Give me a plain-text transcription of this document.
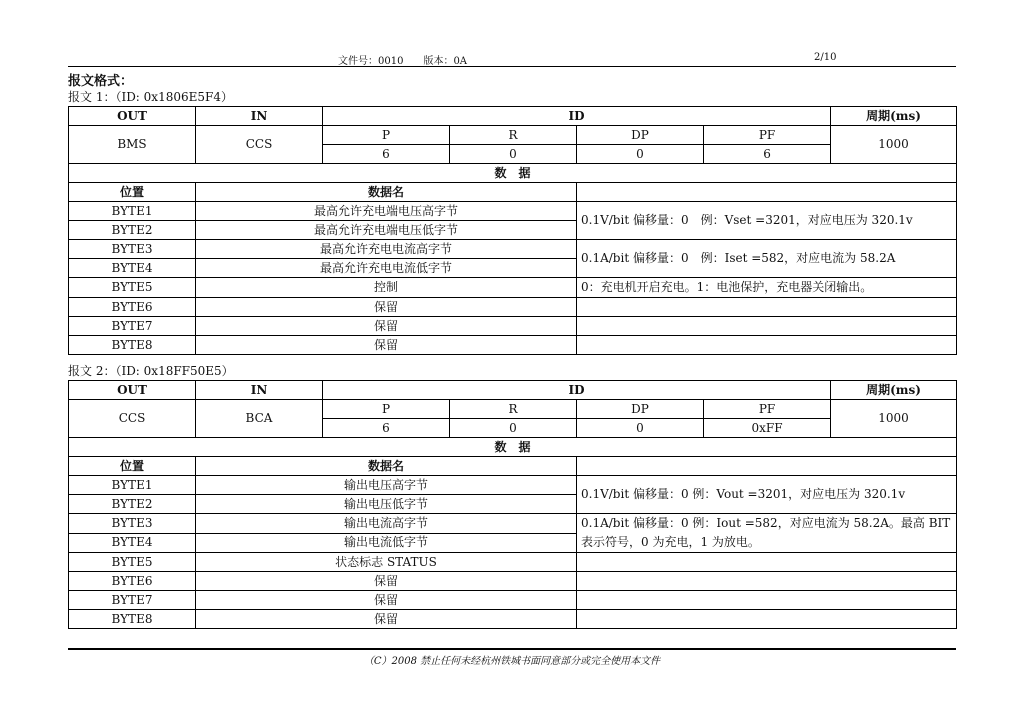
文件号：0010　　版本：0A	2/10
报文格式：
报文 1：（ID: 0x1806E5F4）
OUT	IN	ID				周期(ms)
BMS	CCS	P	R	DP	PF	1000
		6	0	0	6	
数　据						
位置	数据名					
BYTE1	最高允许充电端电压高字节			0.1V/bit 偏移量：0　例：Vset =3201，对应电压为 320.1v		
BYTE2	最高允许充电端电压低字节					
BYTE3	最高允许充电电流高字节			0.1A/bit 偏移量：0　例：Iset =582，对应电流为 58.2A		
BYTE4	最高允许充电电流低字节					
BYTE5	控制			0：充电机开启充电。1：电池保护，充电器关闭输出。		
BYTE6	保留					
BYTE7	保留					
BYTE8	保留					
报文 2：（ID: 0x18FF50E5）
OUT	IN	ID				周期(ms)
CCS	BCA	P	R	DP	PF	1000
		6	0	0	0xFF	
数　据						
位置	数据名					
BYTE1	输出电压高字节			0.1V/bit 偏移量：0 例：Vout =3201，对应电压为 320.1v		
BYTE2	输出电压低字节					
BYTE3	输出电流高字节			0.1A/bit 偏移量：0 例：Iout =582，对应电流为 58.2A。最高 BIT 表示符号，0 为充电，1 为放电。		
BYTE4	输出电流低字节					
BYTE5	状态标志 STATUS					
BYTE6	保留					
BYTE7	保留					
BYTE8	保留					
（C）2008 禁止任何未经杭州铁城书面同意部分或完全使用本文件
